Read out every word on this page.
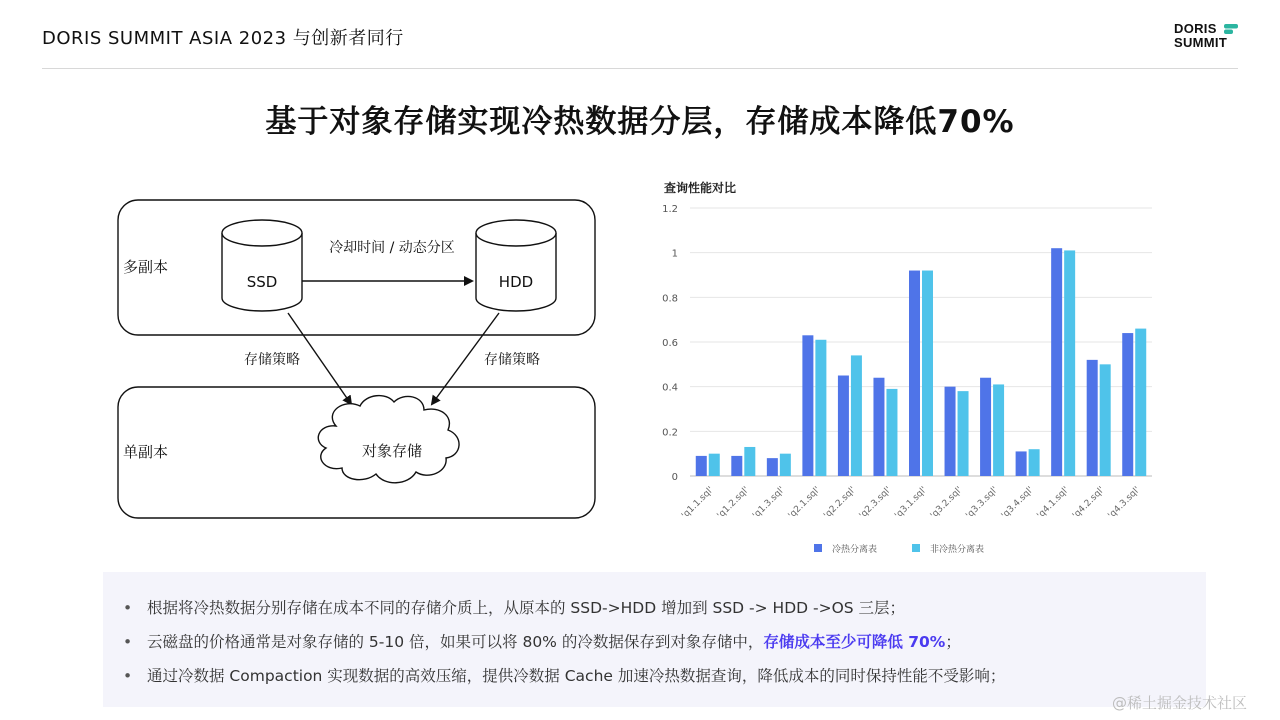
DORIS SUMMIT ASIA 2023 与创新者同行	DORIS
SUMMIT
基于对象存储实现冷热数据分层，存储成本降低70%
多副本
SSD	HDD
冷却时间 / 动态分区
存储策略	存储策略
单副本	对象存储
查询性能对比
0
0.2
0.4
0.6
0.8
1
1.2
'q1.1.sql' 'q1.2.sql' 'q1.3.sql' 'q2.1.sql' 'q2.2.sql' 'q2.3.sql' 'q3.1.sql' 'q3.2.sql' 'q3.3.sql' 'q3.4.sql' 'q4.1.sql' 'q4.2.sql' 'q4.3.sql'
冷热分离表	非冷热分离表
• 根据将冷热数据分别存储在成本不同的存储介质上，从原本的 SSD->HDD 增加到 SSD -> HDD ->OS 三层；
• 云磁盘的价格通常是对象存储的 5-10 倍，如果可以将 80% 的冷数据保存到对象存储中，存储成本至少可降低 70%；
• 通过冷数据 Compaction 实现数据的高效压缩，提供冷数据 Cache 加速冷热数据查询，降低成本的同时保持性能不受影响；
@稀土掘金技术社区
